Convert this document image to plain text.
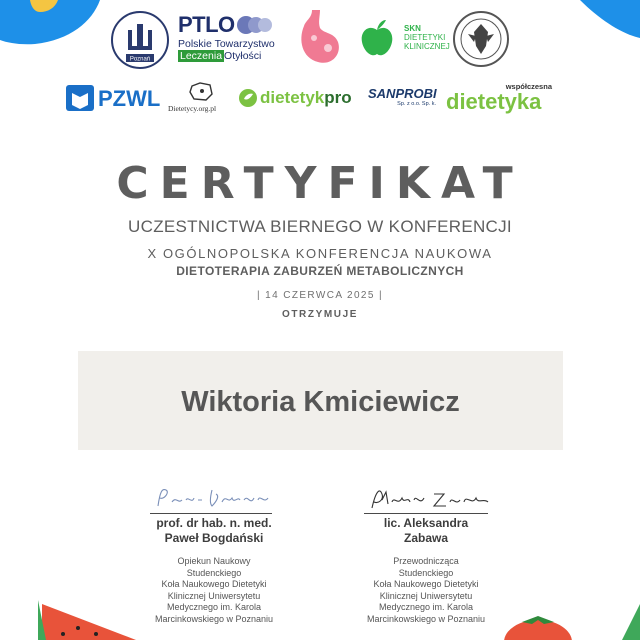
Poznań
PTLO
Polskie Towarzystwo
Leczenia Otyłości
SKN
DIETETYKI
KLINICZNEJ
PZWL Dietetycy.org.pl
dietetykpro SANPROBI
Sp. z o.o. Sp. k.
współczesna
dietetyka
CERTYFIKAT
UCZESTNICTWA BIERNEGO W KONFERENCJI
X OGÓLNOPOLSKA KONFERENCJA NAUKOWA
DIETOTERAPIA ZABURZEŃ METABOLICZNYCH
| 14 CZERWCA 2025 |
OTRZYMUJE
Wiktoria Kmiciewicz
prof. dr hab. n. med.
Paweł Bogdański
Opiekun Naukowy
Studenckiego
Koła Naukowego Dietetyki
Klinicznej Uniwersytetu
Medycznego im. Karola
Marcinkowskiego w Poznaniu
lic. Aleksandra
Zabawa
Przewodnicząca
Studenckiego
Koła Naukowego Dietetyki
Klinicznej Uniwersytetu
Medycznego im. Karola
Marcinkowskiego w Poznaniu
